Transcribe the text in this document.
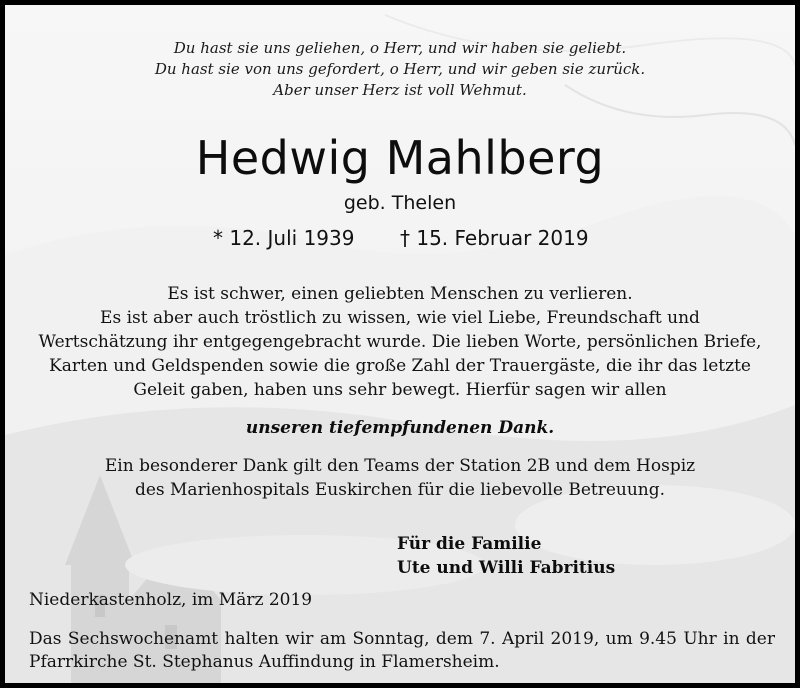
Du hast sie uns geliehen, o Herr, und wir haben sie geliebt.
Du hast sie von uns gefordert, o Herr, und wir geben sie zurück.
Aber unser Herz ist voll Wehmut.
Hedwig Mahlberg
geb. Thelen
* 12. Juli 1939 † 15. Februar 2019
Es ist schwer, einen geliebten Menschen zu verlieren.
Es ist aber auch tröstlich zu wissen, wie viel Liebe, Freundschaft und
Wertschätzung ihr entgegengebracht wurde. Die lieben Worte, persönlichen Briefe,
Karten und Geldspenden sowie die große Zahl der Trauergäste, die ihr das letzte
Geleit gaben, haben uns sehr bewegt. Hierfür sagen wir allen
unseren tiefempfundenen Dank.
Ein besonderer Dank gilt den Teams der Station 2B und dem Hospiz
des Marienhospitals Euskirchen für die liebevolle Betreuung.
Für die Familie
Ute und Willi Fabritius
Niederkastenholz, im März 2019
Das Sechswochenamt halten wir am Sonntag, dem 7. April 2019, um 9.45 Uhr in der
Pfarrkirche St. Stephanus Auffindung in Flamersheim.
